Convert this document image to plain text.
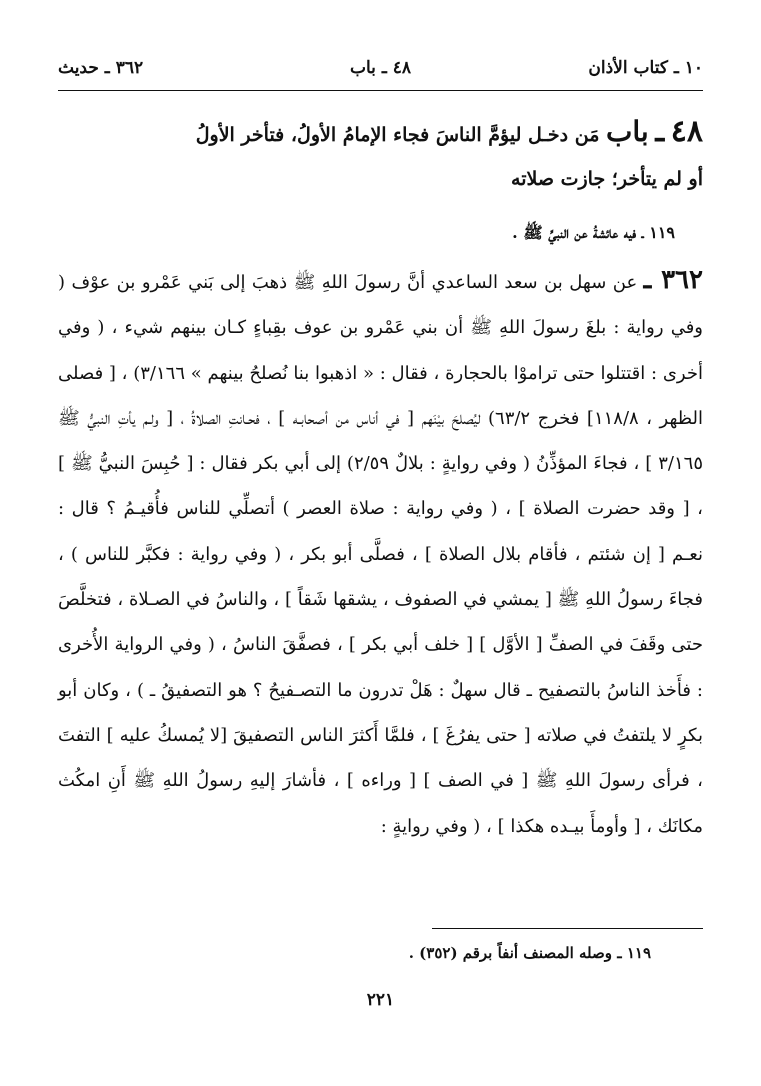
١٠ ـ كتاب الأذان
٤٨ ـ باب
٣٦٢ ـ حديث
٤٨ ـ باب مَن دخـل ليؤمَّ الناسَ فجاء الإمامُ الأولُ، فتأخر الأولُ
أو لم يتأخر؛ جازت صلاته
١١٩ ـ فيه عائشةُ عن النبيِّ ﷺ .
٣٦٢ ـ عن سهل بن سعد الساعدي أنَّ رسولَ اللهِ ﷺ ذهبَ إلى بَني عَمْرو بن عوْف ( وفي رواية : بلغَ رسولَ اللهِ ﷺ أن بني عَمْرو بن عوف بقِباءٍ كـان بينهم شيء ، ( وفي أخرى : اقتتلوا حتى تراموْا بالحجارة ، فقال : « اذهبوا بنا نُصلحُ بينهم » ٣/١٦٦) ، [ فصلى الظهر ، ١١٨/٨] فخرج ٦٣/٢) ليُصلحَ بيْنَهم [ في أناس من أصحابـه ] ، فحـانتِ الصلاةُ ، [ ولـم يأتِ النبيُّ ﷺ ٣/١٦٥ ] ، فجاءَ المؤذِّنُ ( وفي روايةٍ : بلالٌ ٢/٥٩) إلى أبي بكر فقال : [ حُبِسَ النبيُّ ﷺ ] ، [ وقد حضرت الصلاة ] ، ( وفي رواية : صلاة العصر ) أتصلِّي للناس فأُقيـمُ ؟ قال : نعـم [ إن شئتم ، فأقام بلال الصلاة ] ، فصلَّى أبو بكر ، ( وفي رواية : فكبَّر للناس ) ، فجاءَ رسولُ اللهِ ﷺ [ يمشي في الصفوف ، يشقها شَقاً ] ، والناسُ في الصـلاة ، فتخلَّصَ حتى وقَفَ في الصفِّ [ الأوَّل ] [ خلف أبي بكر ] ، فصفَّقَ الناسُ ، ( وفي الرواية الأُخرى : فأَخذ الناسُ بالتصفيح ـ قال سهلٌ : هَلْ تدرون ما التصـفيحُ ؟ هو التصفيقُ ـ ) ، وكان أبو بكرٍ لا يلتفتُ في صلاته [ حتى يفرُغَ ] ، فلمَّا أَكثرَ الناس التصفيقَ [لا يُمسكُ عليه ] التفتَ ، فرأى رسولَ اللهِ ﷺ [ في الصف ] [ وراءه ] ، فأشارَ إليهِ رسولُ اللهِ ﷺ أَنِ امكُث مكانَك ، [ وأومأَ بيـده هكذا ] ، ( وفي روايةٍ :
١١٩ ـ وصله المصنف أنفاً برقم (٣٥٢) .
٢٢١
